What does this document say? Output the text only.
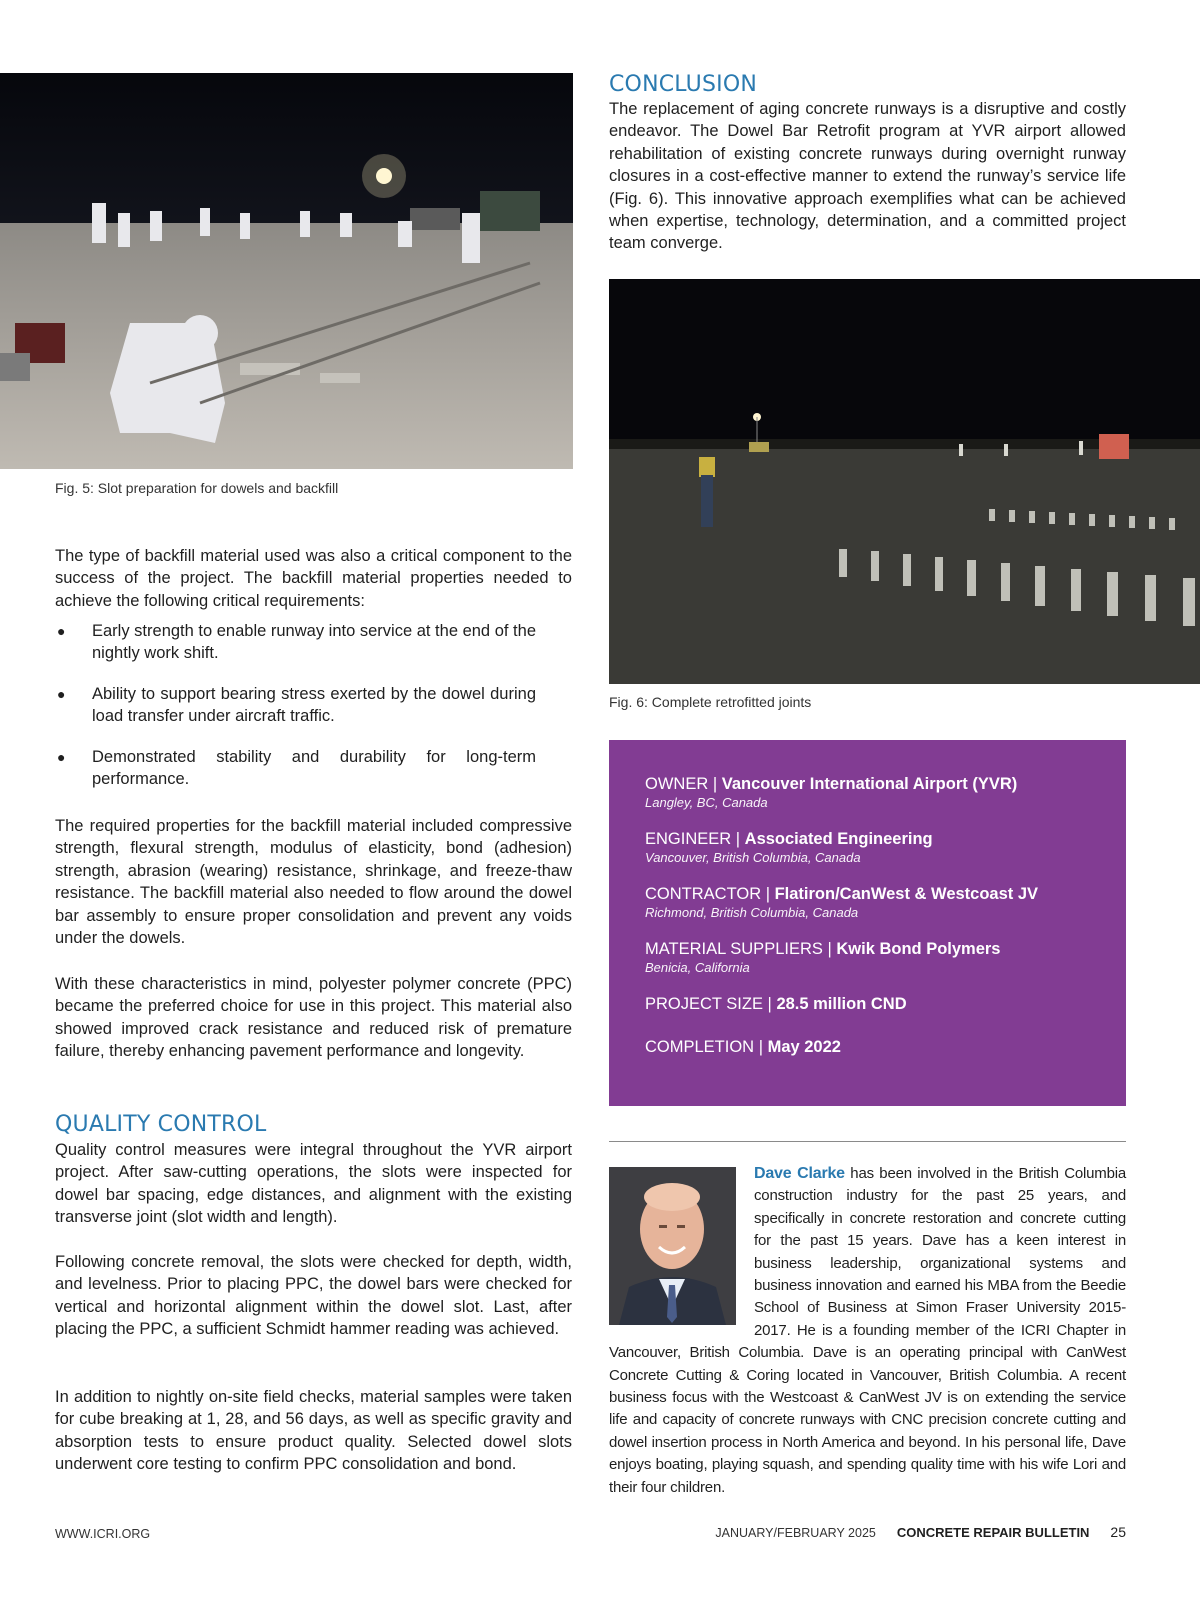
Fig. 5: Slot preparation for dowels and backfill
CONCLUSION

The replacement of aging concrete runways is a disruptive and costly endeavor. The Dowel Bar Retrofit program at YVR airport allowed rehabilitation of existing concrete runways during overnight runway closures in a cost-effective manner to extend the runway’s service life (Fig. 6). This innovative approach exemplifies what can be achieved when expertise, technology, determination, and a committed project team converge.

Fig. 6: Complete retrofitted joints

The type of backfill material used was also a critical component to the success of the project. The backfill material properties needed to achieve the following critical requirements:

● Early strength to enable runway into service at the end of the nightly work shift.
● Ability to support bearing stress exerted by the dowel during load transfer under aircraft traffic.
● Demonstrated stability and durability for long-term performance.

The required properties for the backfill material included compressive strength, flexural strength, modulus of elasticity, bond (adhesion) strength, abrasion (wearing) resistance, shrinkage, and freeze-thaw resistance. The backfill material also needed to flow around the dowel bar assembly to ensure proper consolidation and prevent any voids under the dowels.

With these characteristics in mind, polyester polymer concrete (PPC) became the preferred choice for use in this project. This material also showed improved crack resistance and reduced risk of premature failure, thereby enhancing pavement performance and longevity.

QUALITY CONTROL

Quality control measures were integral throughout the YVR airport project. After saw-cutting operations, the slots were inspected for dowel bar spacing, edge distances, and alignment with the existing transverse joint (slot width and length).

Following concrete removal, the slots were checked for depth, width, and levelness. Prior to placing PPC, the dowel bars were checked for vertical and horizontal alignment within the dowel slot. Last, after placing the PPC, a sufficient Schmidt hammer reading was achieved.

In addition to nightly on-site field checks, material samples were taken for cube breaking at 1, 28, and 56 days, as well as specific gravity and absorption tests to ensure product quality. Selected dowel slots underwent core testing to confirm PPC consolidation and bond.

OWNER | Vancouver International Airport (YVR)
Langley, BC, Canada
ENGINEER | Associated Engineering
Vancouver, British Columbia, Canada
CONTRACTOR | Flatiron/CanWest & Westcoast JV
Richmond, British Columbia, Canada
MATERIAL SUPPLIERS | Kwik Bond Polymers
Benicia, California
PROJECT SIZE | 28.5 million CND
COMPLETION | May 2022
Dave Clarke has been involved in the British Columbia construction industry for the past 25 years, and specifically in concrete restoration and concrete cutting for the past 15 years. Dave has a keen interest in business leadership, organizational systems and business innovation and earned his MBA from the Beedie School of Business at Simon Fraser University 2015-2017. He is a founding member of the ICRI Chapter in Vancouver, British Columbia. Dave is an operating principal with CanWest Concrete Cutting & Coring located in Vancouver, British Columbia. A recent business focus with the Westcoast & CanWest JV is on extending the service life and capacity of concrete runways with CNC precision concrete cutting and dowel insertion process in North America and beyond. In his personal life, Dave enjoys boating, playing squash, and spending quality time with his wife Lori and their four children.
WWW.ICRI.ORG	JANUARY/FEBRUARY 2025 CONCRETE REPAIR BULLETIN 25
